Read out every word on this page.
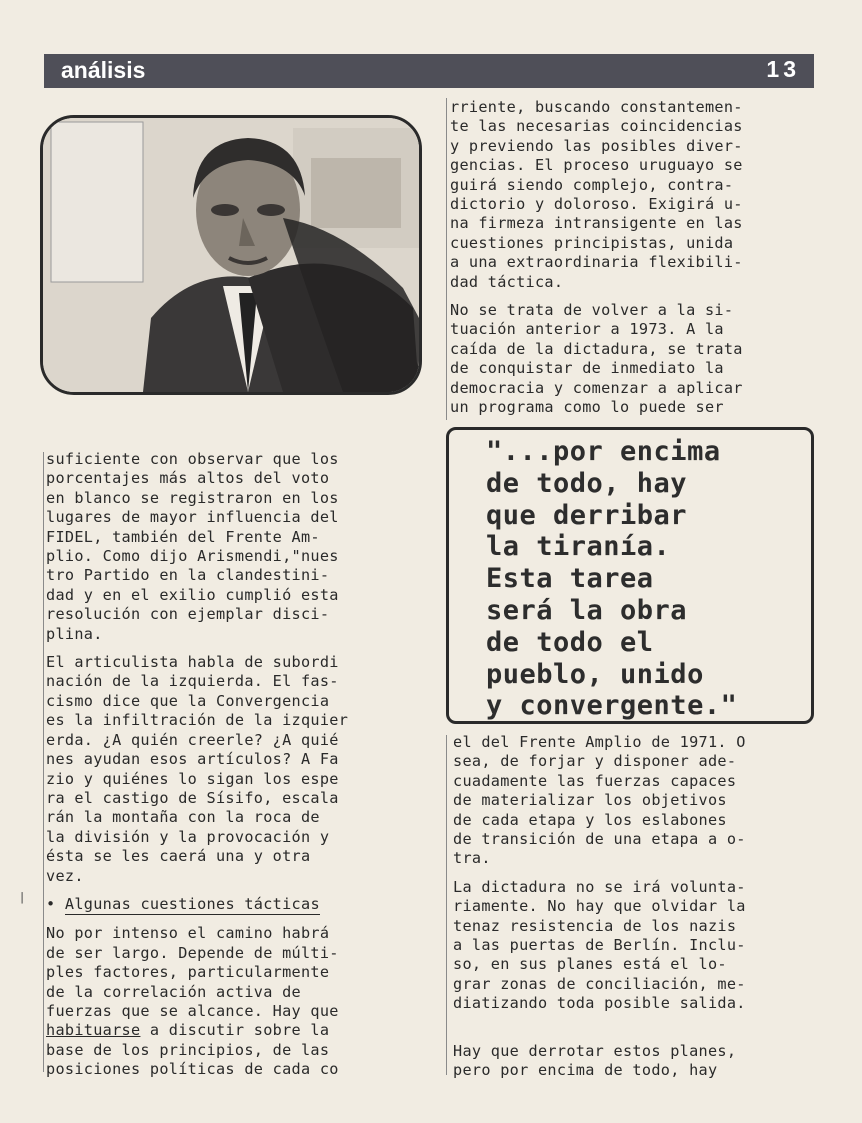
análisis	13

suficiente con observar que los

porcentajes más altos del voto

en blanco se registraron en los

lugares de mayor influencia del

FIDEL, también del Frente Am-

plio. Como dijo Arismendi,"nues

tro Partido en la clandestini-

dad y en el exilio cumplió esta

resolución con ejemplar disci-

plina.

El articulista habla de subordi

nación de la izquierda. El fas-

cismo dice que la Convergencia

es la infiltración de la izquier

erda. ¿A quién creerle? ¿A quié

nes ayudan esos artículos? A Fa

zio y quiénes lo sigan los espe

ra el castigo de Sísifo, escala

rán la montaña con la roca de

la división y la provocación y

ésta se les caerá una y otra

vez.

• Algunas cuestiones tácticas

No por intenso el camino habrá

de ser largo. Depende de múlti-

ples factores, particularmente

de la correlación activa de

fuerzas que se alcance. Hay que

habituarse a discutir sobre la

base de los principios, de las

posiciones políticas de cada co

rriente, buscando constantemen-

te las necesarias coincidencias

y previendo las posibles diver-

gencias. El proceso uruguayo se

guirá siendo complejo, contra-

dictorio y doloroso. Exigirá u-

na firmeza intransigente en las

cuestiones principistas, unida

a una extraordinaria flexibili-

dad táctica.

No se trata de volver a la si-

tuación anterior a 1973. A la

caída de la dictadura, se trata

de conquistar de inmediato la

democracia y comenzar a aplicar

un programa como lo puede ser

"...por encima

de todo, hay

que derribar

la tiranía.

Esta tarea

será la obra

de todo el

pueblo, unido

y convergente."

el del Frente Amplio de 1971. O

sea, de forjar y disponer ade-

cuadamente las fuerzas capaces

de materializar los objetivos

de cada etapa y los eslabones

de transición de una etapa a o-

tra.

La dictadura no se irá volunta-

riamente. No hay que olvidar la

tenaz resistencia de los nazis

a las puertas de Berlín. Inclu-

so, en sus planes está el lo-

grar zonas de conciliación, me-

diatizando toda posible salida.

Hay que derrotar estos planes,

pero por encima de todo, hay

❘
